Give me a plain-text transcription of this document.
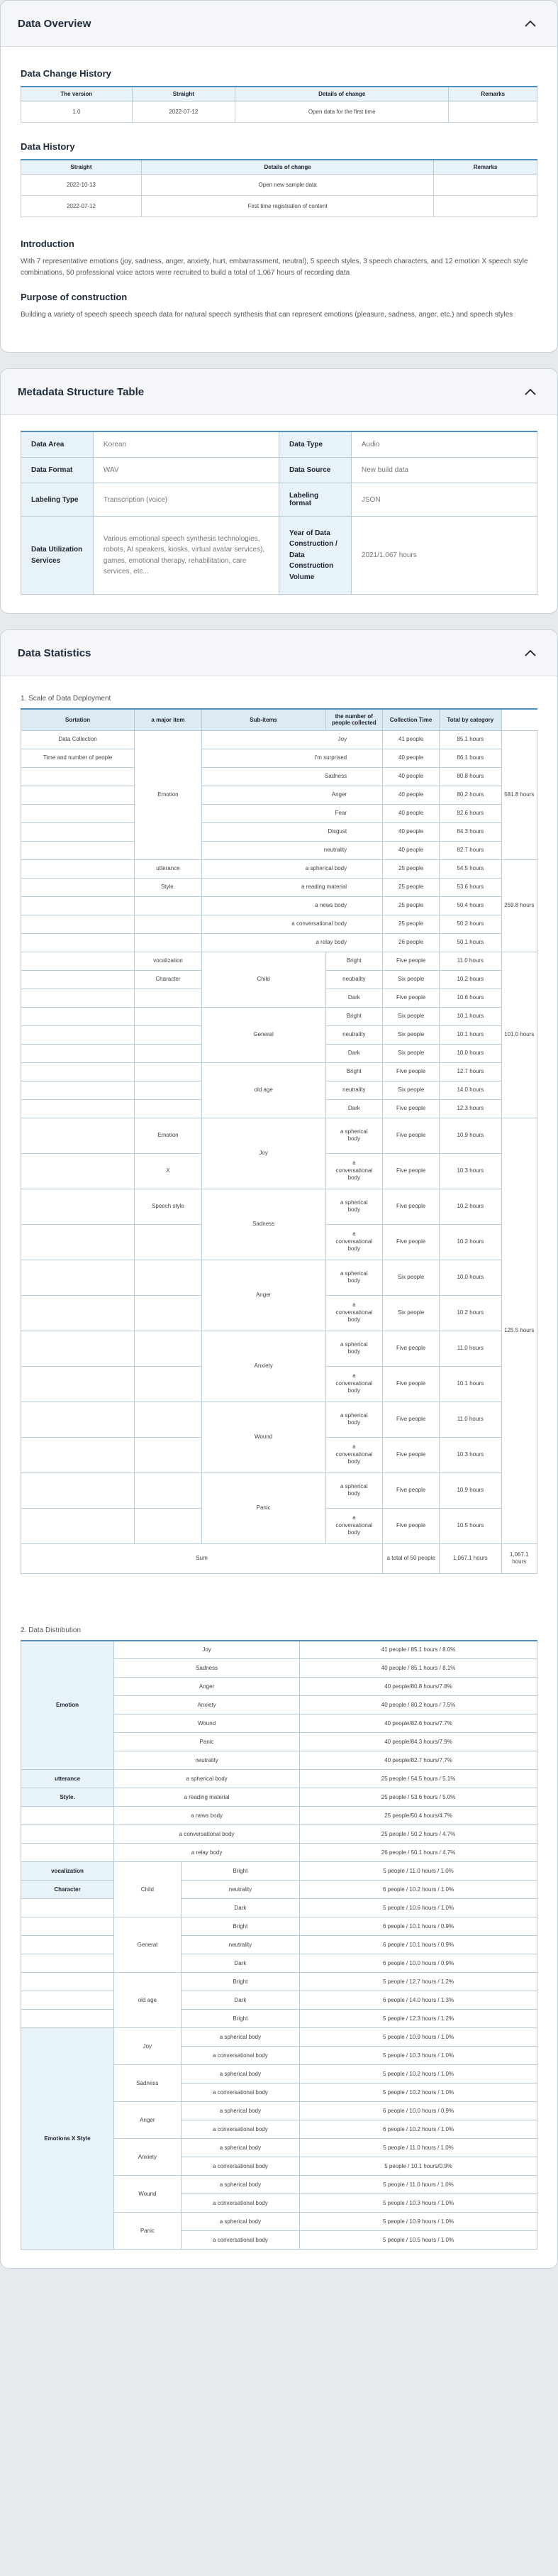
Data Overview
Data Change History
The version	Straight	Details of change	Remarks
1.0	2022-07-12	Open data for the first time	
Data History
Straight	Details of change	Remarks
2022-10-13	Open new sample data	
2022-07-12	First time registration of content	
Introduction

With 7 representative emotions (joy, sadness, anger, anxiety, hurt, embarrassment, neutral), 5 speech styles, 3 speech characters, and 12 emotion X speech style combinations, 50 professional voice actors were recruited to build a total of 1,067 hours of recording data

Purpose of construction

Building a variety of speech speech speech data for natural speech synthesis that can represent emotions (pleasure, sadness, anger, etc.) and speech styles

Metadata Structure Table
Data Area	Korean	Data Type	Audio
Data Format	WAV	Data Source	New build data
Labeling Type	Transcription (voice)	Labeling format	JSON
Data Utilization Services	Various emotional speech synthesis technologies, robots, AI speakers, kiosks, virtual avatar services), games, emotional therapy, rehabilitation, care services, etc...	Year of Data Construction / Data Construction Volume	2021/1,067 hours
Data Statistics
1. Scale of Data Deployment
Sortation	a major item	Sub-items	the number of people collected	Collection Time	Total by category	
Data Collection	Emotion	Joy		41 people	85.1 hours	581.8 hours
Time and number of people		I'm surprised		40 people	86.1 hours	
		Sadness		40 people	80.8 hours	
		Anger		40 people	80.2 hours	
		Fear		40 people	82.6 hours	
		Disgust		40 people	84.3 hours	
		neutrality		40 people	82.7 hours	
	utterance	a spherical body		25 people	54.5 hours	259.8 hours
	Style.	a reading material		25 people	53.6 hours	
		a news body		25 people	50.4 hours	
		a conversational body		25 people	50.2 hours	
		a relay body		26 people	50.1 hours	
	vocalization	Child	Bright	Five people	11.0 hours	101.0 hours
	Character		neutrality	Six people	10.2 hours	
			Dark	Five people	10.6 hours	
		General	Bright	Six people	10.1 hours	
			neutrality	Six people	10.1 hours	
			Dark	Six people	10.0 hours	
		old age	Bright	Five people	12.7 hours	
			neutrality	Six people	14.0 hours	
			Dark	Five people	12.3 hours	
	Emotion	Joy	a spherical body	Five people	10.9 hours	125.5 hours
	X		a conversational body	Five people	10.3 hours	
	Speech style	Sadness	a spherical body	Five people	10.2 hours	
			a conversational body	Five people	10.2 hours	
		Anger	a spherical body	Six people	10.0 hours	
			a conversational body	Six people	10.2 hours	
		Anxiety	a spherical body	Five people	11.0 hours	
			a conversational body	Five people	10.1 hours	
		Wound	a spherical body	Five people	11.0 hours	
			a conversational body	Five people	10.3 hours	
		Panic	a spherical body	Five people	10.9 hours	
			a conversational body	Five people	10.5 hours	
Sum				a total of 50 people	1,067.1 hours	1,067.1 hours
2. Data Distribution
Emotion	Joy		41 people / 85.1 hours / 8.0%
	Sadness		40 people / 85.1 hours / 8.1%
	Anger		40 people/80.8 hours/7.8%
	Anxiety		40 people / 80.2 hours / 7.5%
	Wound		40 people/82.6 hours/7.7%
	Panic		40 people/84.3 hours/7.9%
	neutrality		40 people/82.7 hours/7.7%
utterance	a spherical body		25 people / 54.5 hours / 5.1%
Style.	a reading material		25 people / 53.6 hours / 5.0%
	a news body		25 people/50.4 hours/4.7%
	a conversational body		25 people / 50.2 hours / 4.7%
	a relay body		26 people / 50.1 hours / 4.7%
vocalization	Child	Bright	5 people / 11.0 hours / 1.0%
Character		neutrality	6 people / 10.2 hours / 1.0%
		Dark	5 people / 10.6 hours / 1.0%
	General	Bright	6 people / 10.1 hours / 0.9%
		neutrality	6 people / 10.1 hours / 0.9%
		Dark	6 people / 10.0 hours / 0.9%
	old age	Bright	5 people / 12.7 hours / 1.2%
		Dark	6 people / 14.0 hours / 1.3%
		Bright	5 people / 12.3 hours / 1.2%
Emotions X Style	Joy	a spherical body	5 people / 10.9 hours / 1.0%
		a conversational body	5 people / 10.3 hours / 1.0%
	Sadness	a spherical body	5 people / 10.2 hours / 1.0%
		a conversational body	5 people / 10.2 hours / 1.0%
	Anger	a spherical body	6 people / 10.0 hours / 0.9%
		a conversational body	6 people / 10.2 hours / 1.0%
	Anxiety	a spherical body	5 people / 11.0 hours / 1.0%
		a conversational body	5 people / 10.1 hours/0.9%
	Wound	a spherical body	5 people / 11.0 hours / 1.0%
		a conversational body	5 people / 10.3 hours / 1.0%
	Panic	a spherical body	5 people / 10.9 hours / 1.0%
		a conversational body	5 people / 10.5 hours / 1.0%
